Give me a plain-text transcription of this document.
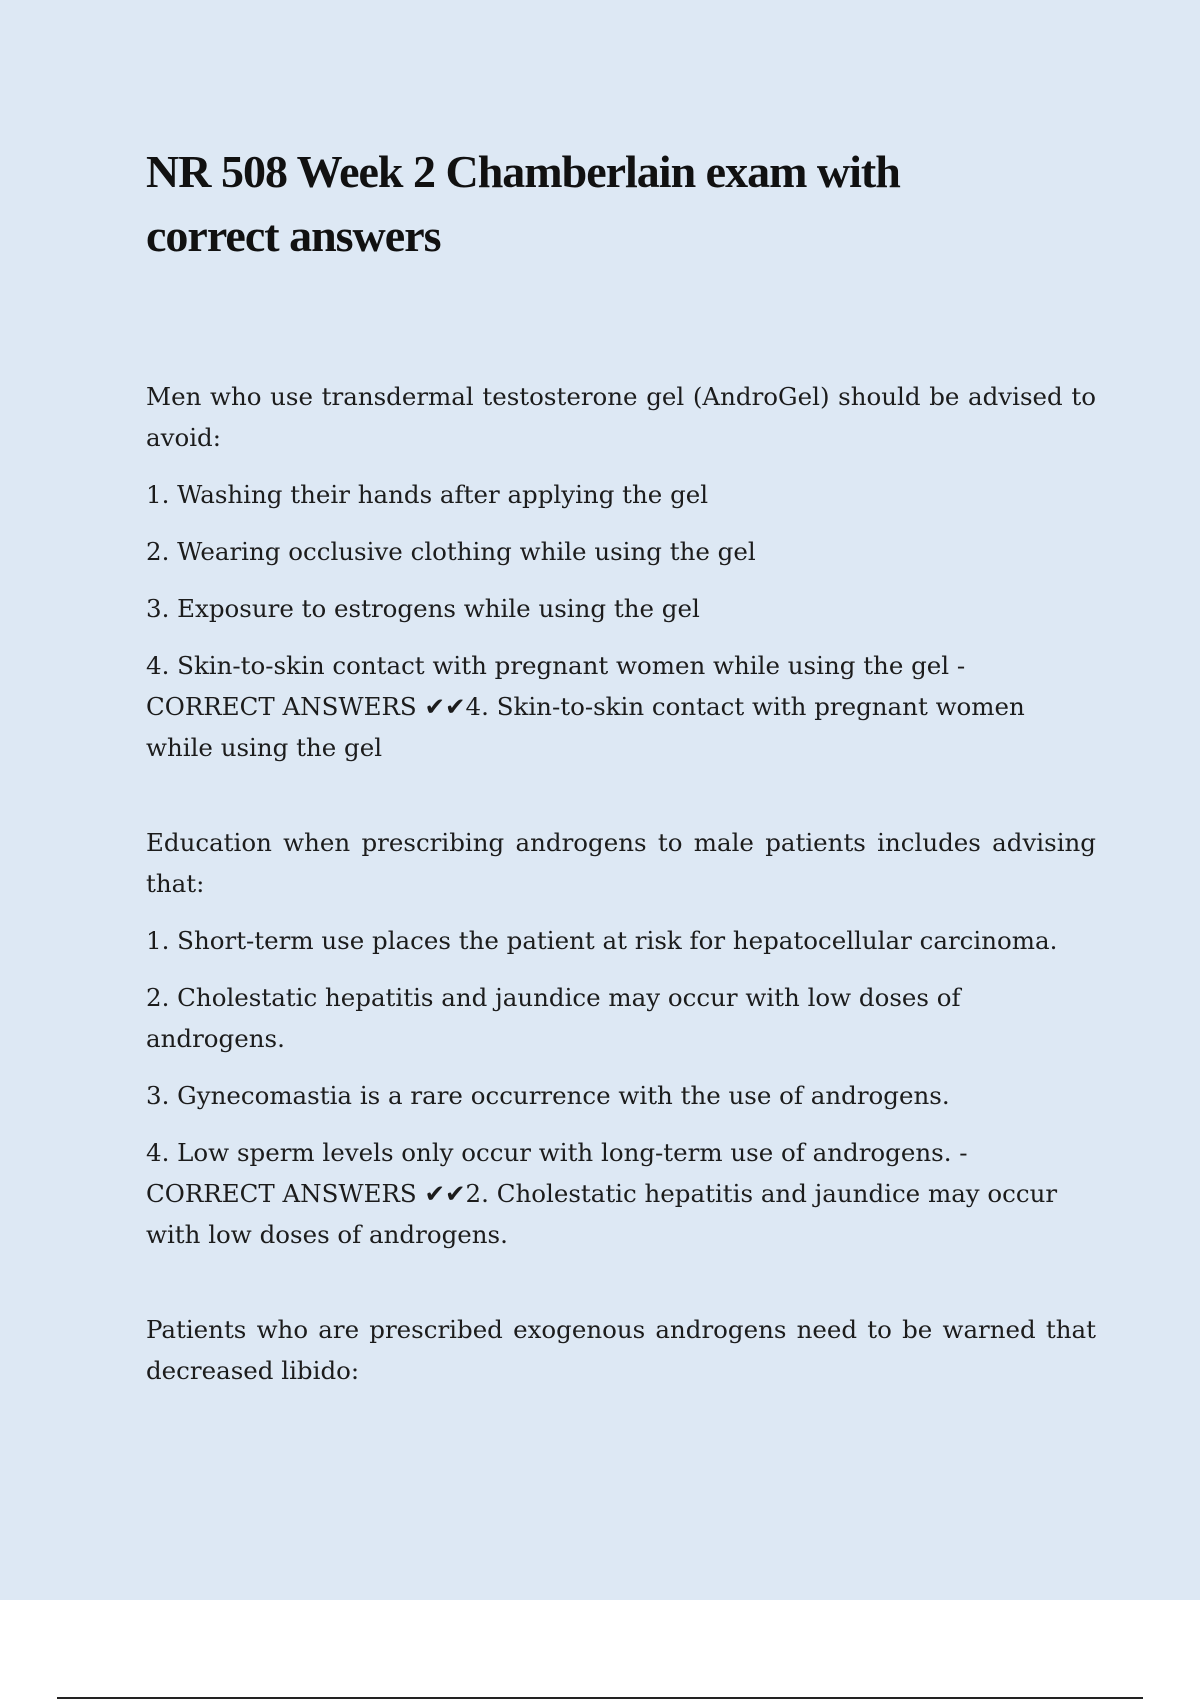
NR 508 Week 2 Chamberlain exam with correct answers

Men who use transdermal testosterone gel (AndroGel) should be advised to avoid:

1. Washing their hands after applying the gel

2. Wearing occlusive clothing while using the gel

3. Exposure to estrogens while using the gel

4. Skin-to-skin contact with pregnant women while using the gel - CORRECT ANSWERS ✔✔4. Skin-to-skin contact with pregnant women while using the gel

Education when prescribing androgens to male patients includes advising that:

1. Short-term use places the patient at risk for hepatocellular carcinoma.

2. Cholestatic hepatitis and jaundice may occur with low doses of androgens.

3. Gynecomastia is a rare occurrence with the use of androgens.

4. Low sperm levels only occur with long-term use of androgens. - CORRECT ANSWERS ✔✔2. Cholestatic hepatitis and jaundice may occur with low doses of androgens.

Patients who are prescribed exogenous androgens need to be warned that decreased libido:
